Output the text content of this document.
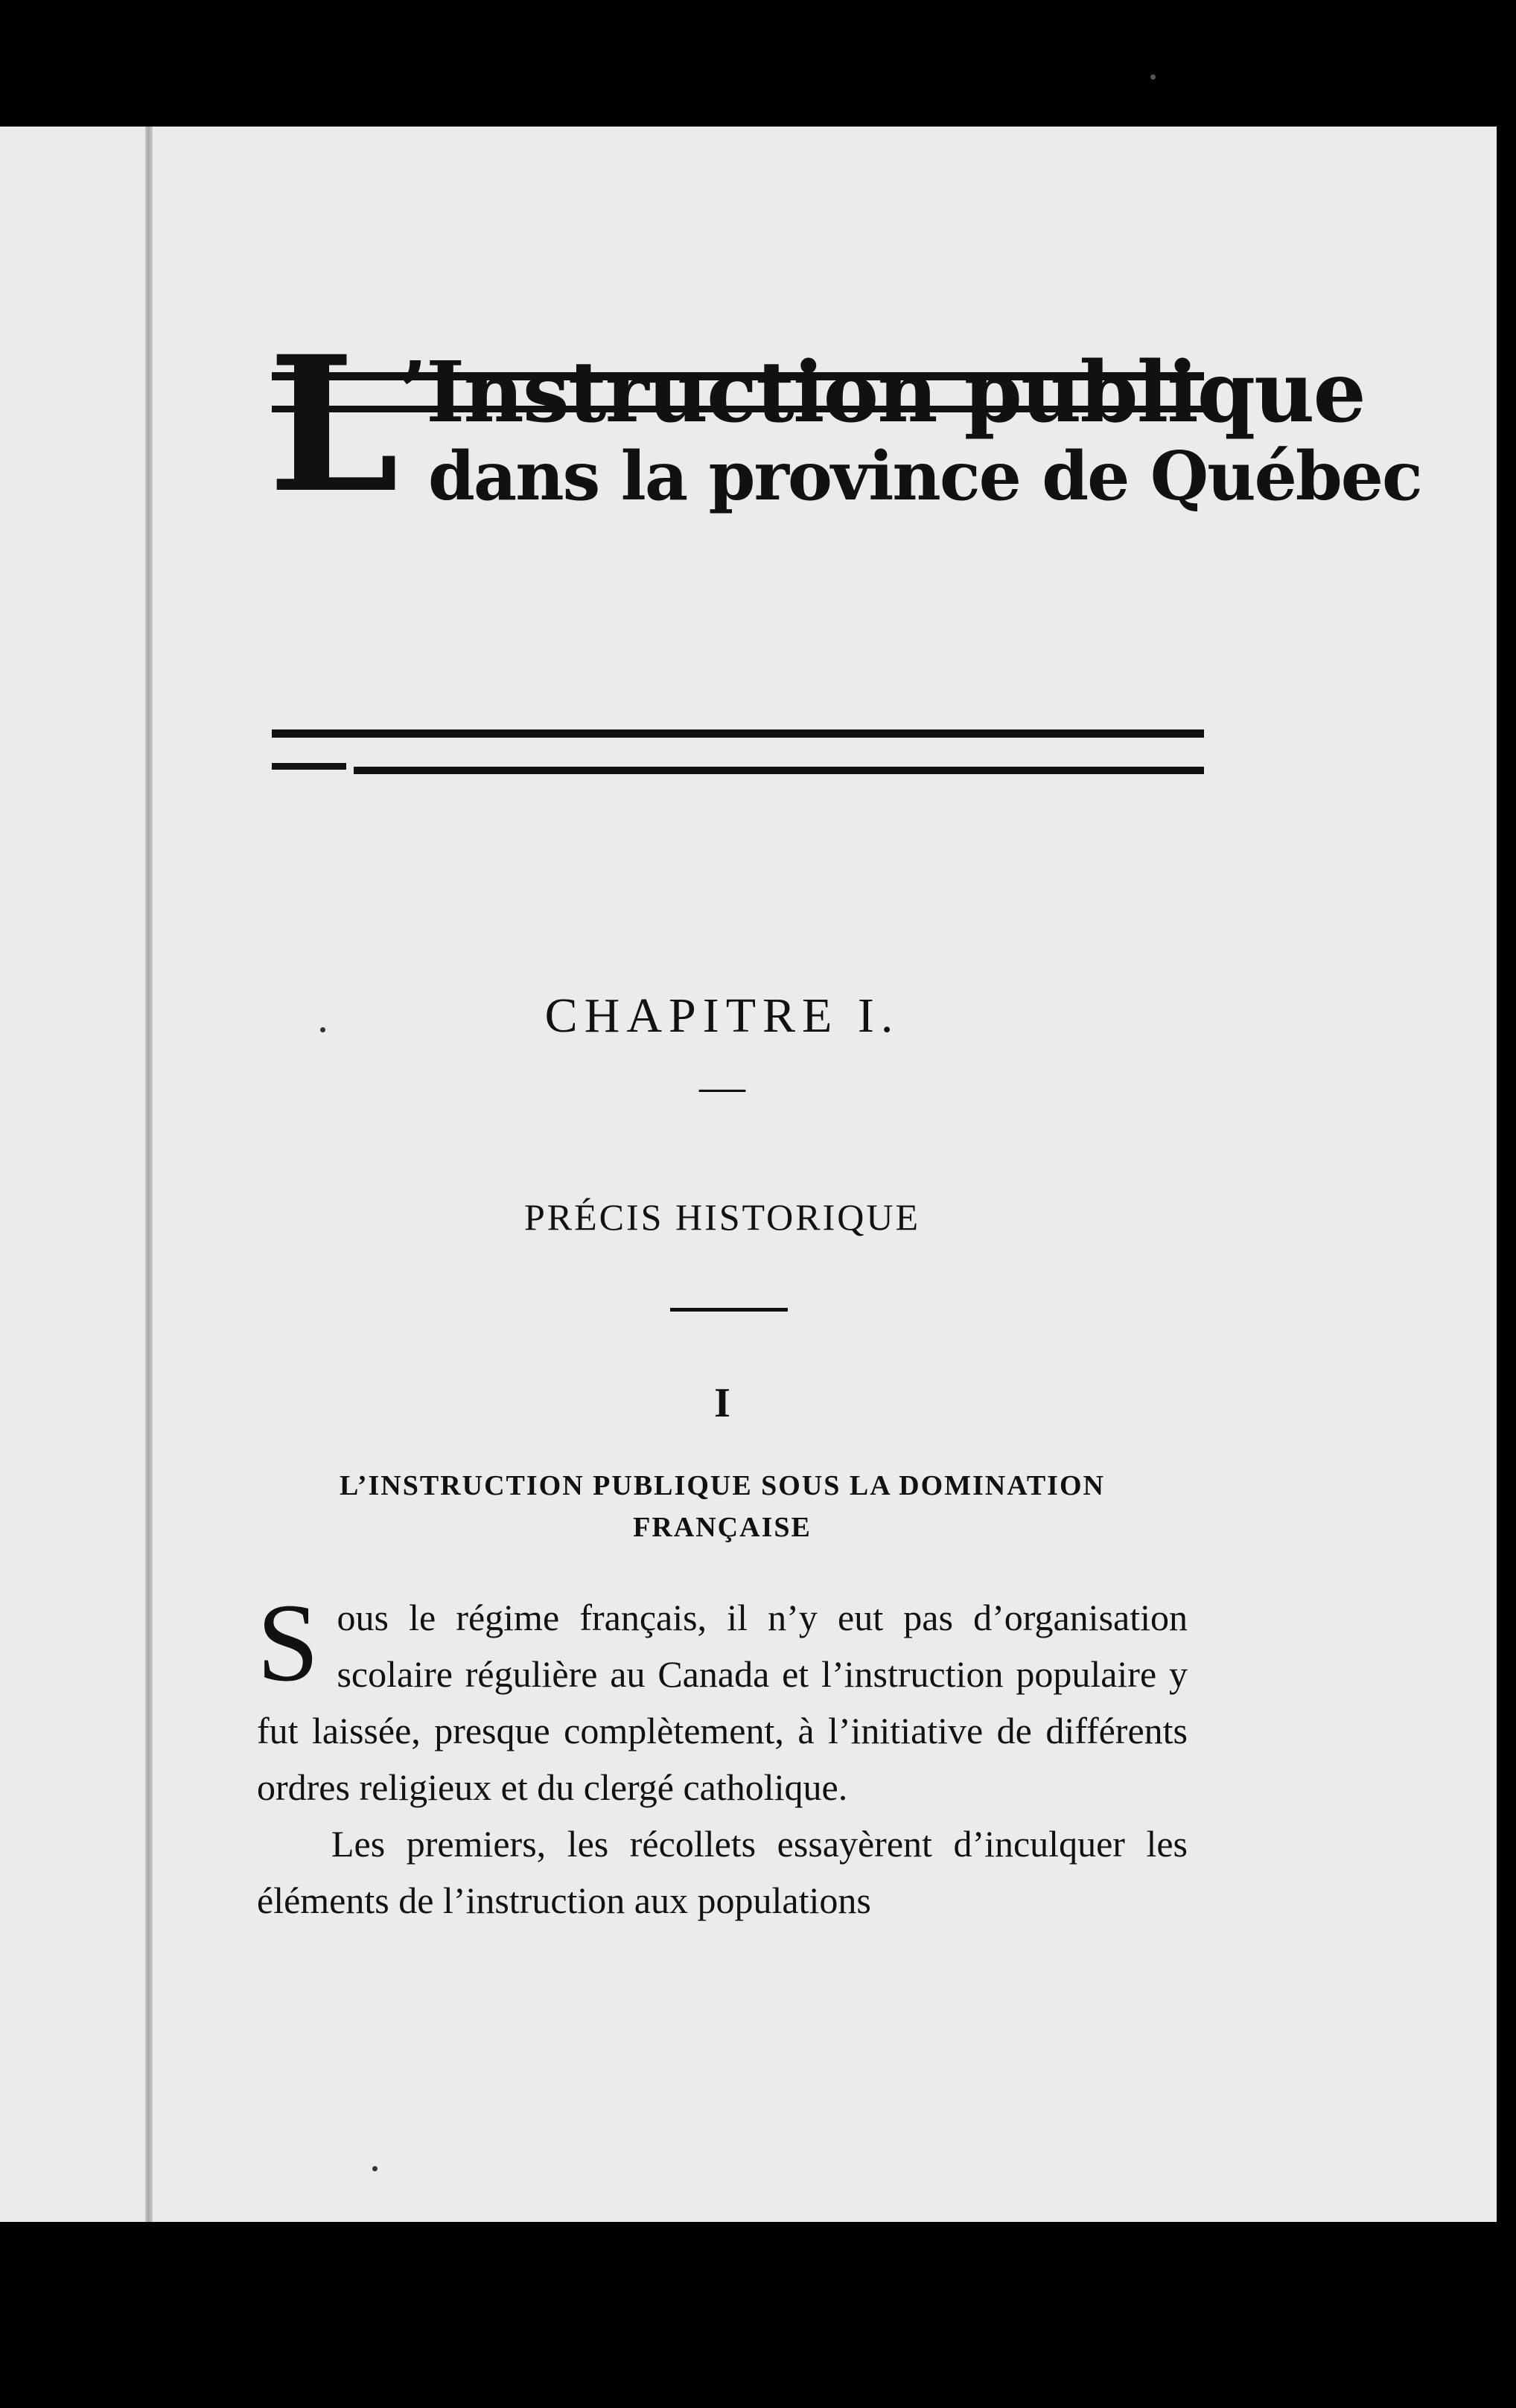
L ’Instruction publique
dans la province de Québec
CHAPITRE I.
—
PRÉCIS HISTORIQUE
I
L’INSTRUCTION PUBLIQUE SOUS LA DOMINATION
FRANÇAISE
S ous le régime français, il n’y eut pas d’organisation scolaire régulière au Canada et l’instruction populaire y fut laissée, presque complètement, à l’initiative de différents ordres religieux et du clergé catholique.

Les premiers, les récollets essayèrent d’inculquer les éléments de l’instruction aux populations
